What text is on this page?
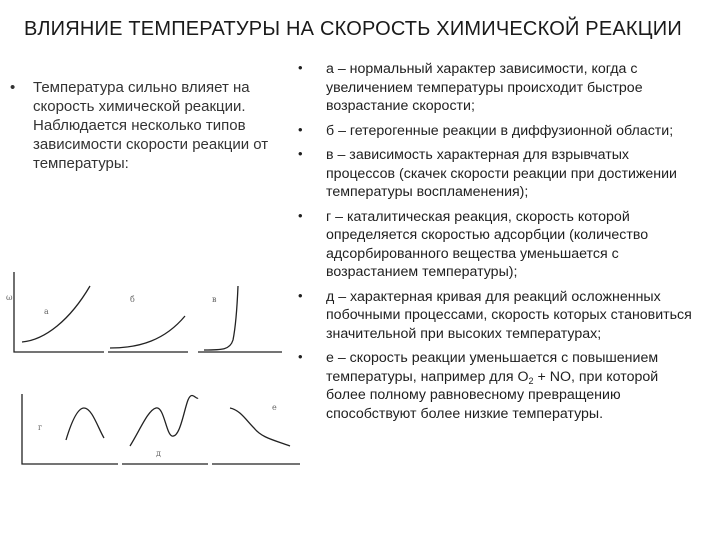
ВЛИЯНИЕ ТЕМПЕРАТУРЫ НА СКОРОСТЬ ХИМИЧЕСКОЙ РЕАКЦИИ
• Температура сильно влияет на скорость химической реакции. Наблюдается несколько типов зависимости скорости реакции от температуры:
• а – нормальный характер зависимости, когда с увеличением температуры происходит быстрое возрастание скорости;
• б – гетерогенные реакции в диффузионной области;
• в – зависимость характерная для взрывчатых процессов (скачек скорости реакции при достижении температуры воспламенения);
• г – каталитическая реакция, скорость которой определяется скоростью адсорбции (количество адсорбированного вещества уменьшается с возрастанием температуры);
• д – характерная кривая для реакций осложненных побочными процессами, скорость которых становиться значительной при высоких температурах;
• е – скорость реакции уменьшается с повышением температуры, например для $O_2$ + NO, при которой более полному равновесному превращению способствуют более низкие температуры.
ω
а
б	в
г
д
е
